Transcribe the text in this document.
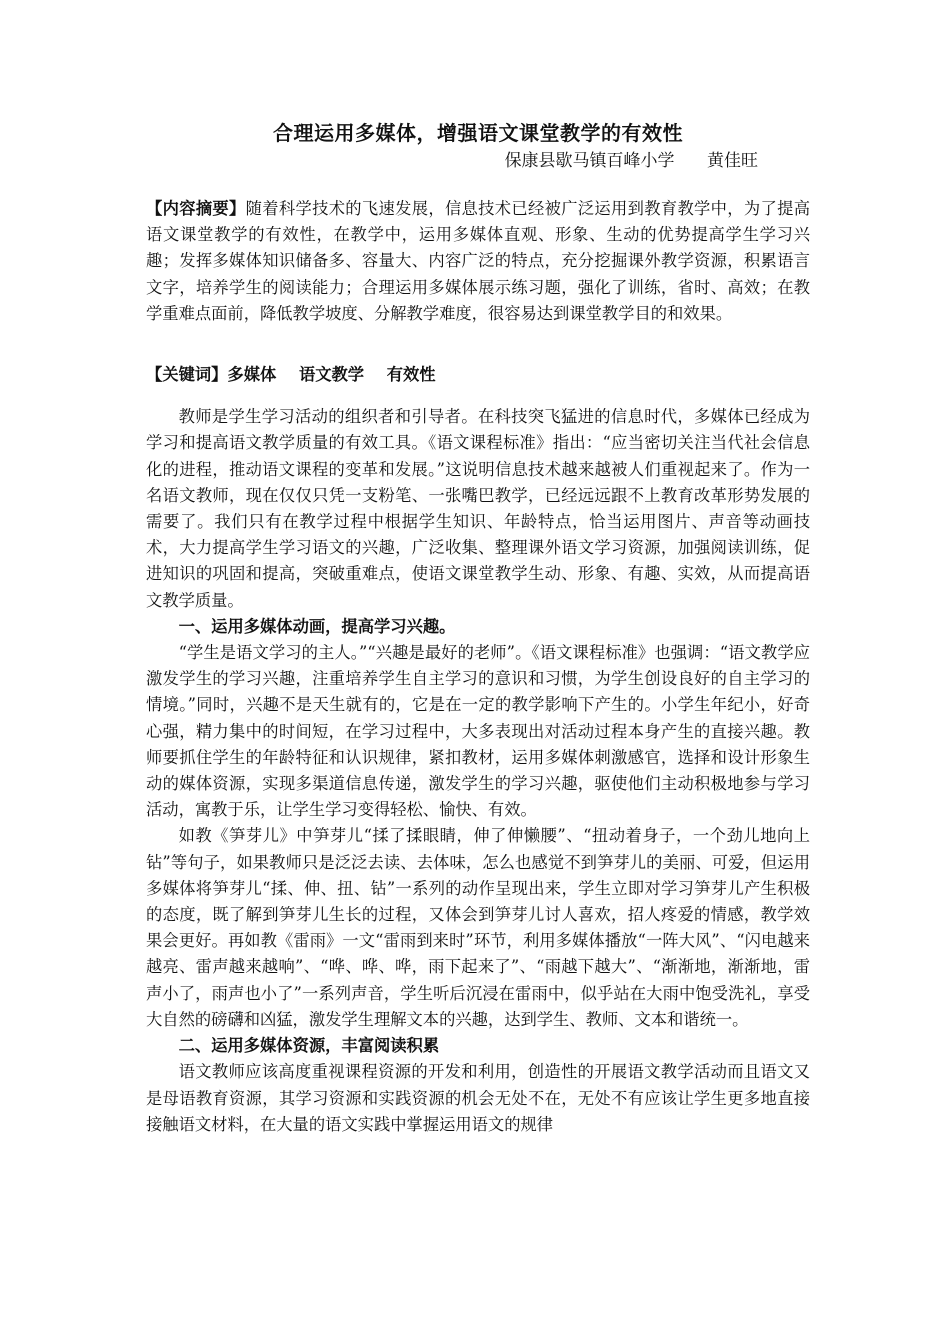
合理运用多媒体，增强语文课堂教学的有效性
保康县歇马镇百峰小学      黄佳旺

【内容摘要】随着科学技术的飞速发展，信息技术已经被广泛运用到教育教学中，为了提高语文课堂教学的有效性，在教学中，运用多媒体直观、形象、生动的优势提高学生学习兴趣；发挥多媒体知识储备多、容量大、内容广泛的特点，充分挖掘课外教学资源，积累语言文字，培养学生的阅读能力；合理运用多媒体展示练习题，强化了训练，省时、高效；在教学重难点面前，降低教学坡度、分解教学难度，很容易达到课堂教学目的和效果。

【关键词】多媒体    语文教学    有效性

教师是学生学习活动的组织者和引导者。在科技突飞猛进的信息时代，多媒体已经成为学习和提高语文教学质量的有效工具。《语文课程标准》指出：“应当密切关注当代社会信息化的进程，推动语文课程的变革和发展。”这说明信息技术越来越被人们重视起来了。作为一名语文教师，现在仅仅只凭一支粉笔、一张嘴巴教学，已经远远跟不上教育改革形势发展的需要了。我们只有在教学过程中根据学生知识、年龄特点，恰当运用图片、声音等动画技术，大力提高学生学习语文的兴趣，广泛收集、整理课外语文学习资源，加强阅读训练，促进知识的巩固和提高，突破重难点，使语文课堂教学生动、形象、有趣、实效，从而提高语文教学质量。

一、运用多媒体动画，提高学习兴趣。

“学生是语文学习的主人。”“兴趣是最好的老师”。《语文课程标准》也强调：“语文教学应激发学生的学习兴趣，注重培养学生自主学习的意识和习惯，为学生创设良好的自主学习的情境。”同时，兴趣不是天生就有的，它是在一定的教学影响下产生的。小学生年纪小，好奇心强，精力集中的时间短，在学习过程中，大多表现出对活动过程本身产生的直接兴趣。教师要抓住学生的年龄特征和认识规律，紧扣教材，运用多媒体刺激感官，选择和设计形象生动的媒体资源，实现多渠道信息传递，激发学生的学习兴趣，驱使他们主动积极地参与学习活动，寓教于乐，让学生学习变得轻松、愉快、有效。

如教《笋芽儿》中笋芽儿“揉了揉眼睛，伸了伸懒腰”、“扭动着身子，一个劲儿地向上钻”等句子，如果教师只是泛泛去读、去体味，怎么也感觉不到笋芽儿的美丽、可爱，但运用多媒体将笋芽儿“揉、伸、扭、钻”一系列的动作呈现出来，学生立即对学习笋芽儿产生积极的态度，既了解到笋芽儿生长的过程，又体会到笋芽儿讨人喜欢，招人疼爱的情感，教学效果会更好。再如教《雷雨》一文“雷雨到来时”环节，利用多媒体播放“一阵大风”、“闪电越来越亮、雷声越来越响”、“哗、哗、哗，雨下起来了”、“雨越下越大”、“渐渐地，渐渐地，雷声小了，雨声也小了”一系列声音，学生听后沉浸在雷雨中，似乎站在大雨中饱受洗礼，享受大自然的磅礴和凶猛，激发学生理解文本的兴趣，达到学生、教师、文本和谐统一。

二、运用多媒体资源，丰富阅读积累

语文教师应该高度重视课程资源的开发和利用，创造性的开展语文教学活动而且语文又是母语教育资源，其学习资源和实践资源的机会无处不在，无处不有应该让学生更多地直接接触语文材料，在大量的语文实践中掌握运用语文的规律
